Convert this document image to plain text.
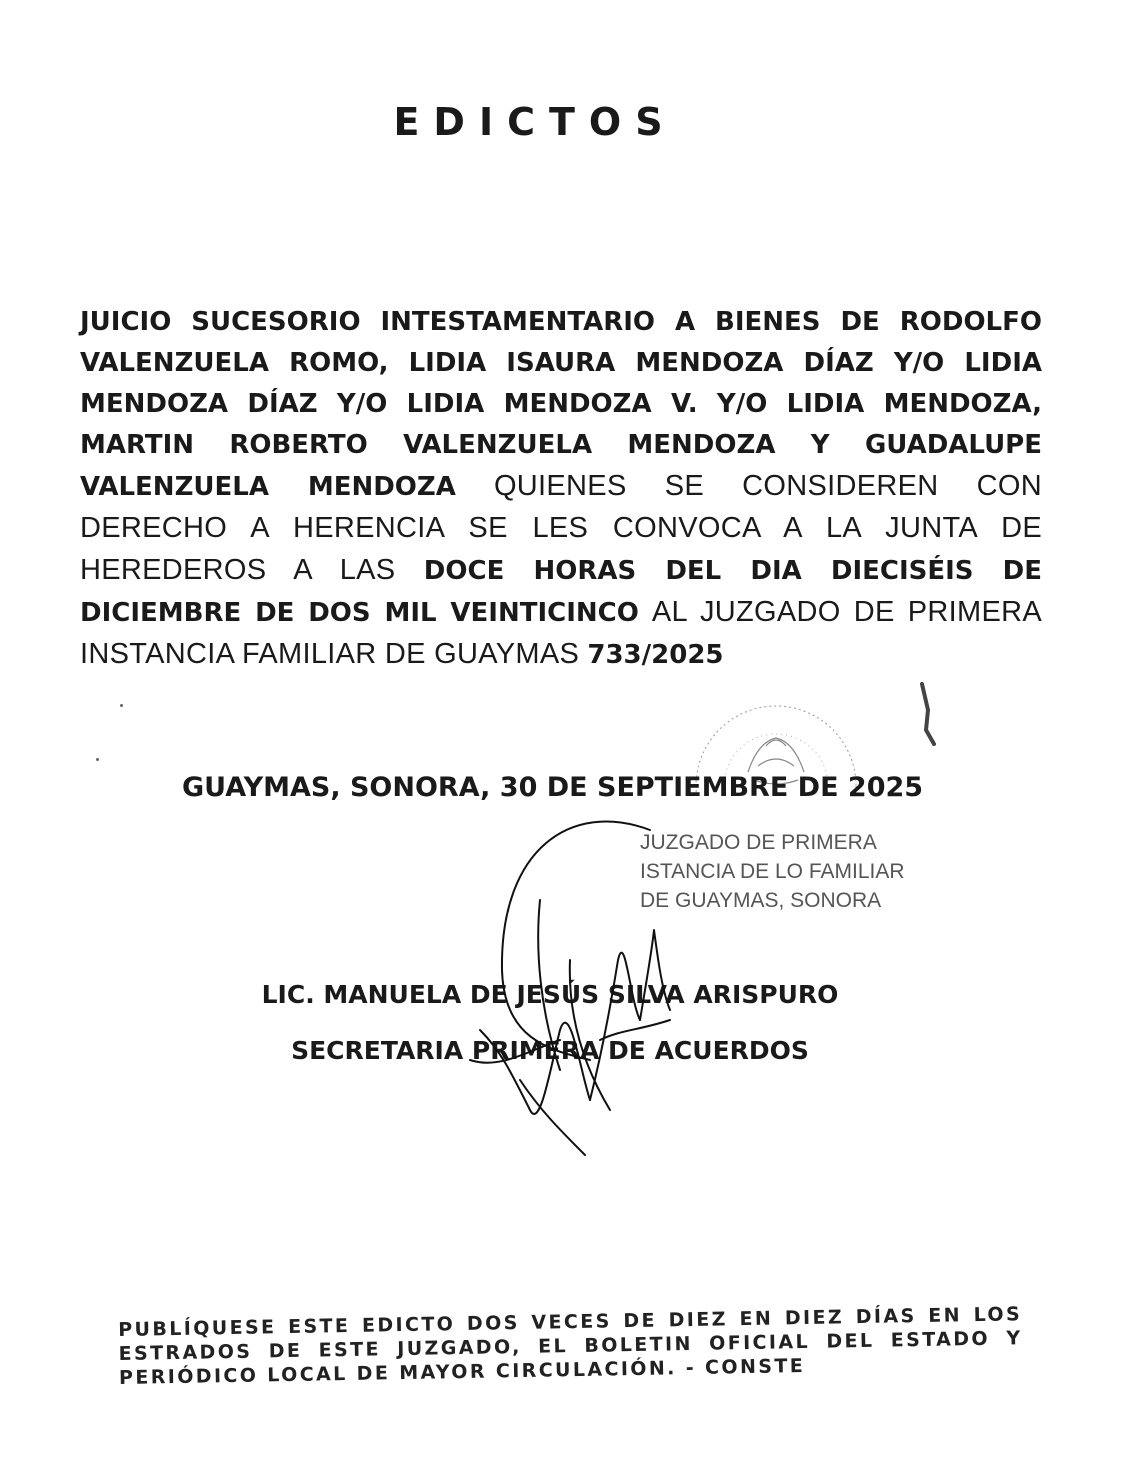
EDICTOS
JUICIO SUCESORIO INTESTAMENTARIO A BIENES DE RODOLFO VALENZUELA ROMO, LIDIA ISAURA MENDOZA DÍAZ Y/O LIDIA MENDOZA DÍAZ Y/O LIDIA MENDOZA V. Y/O LIDIA MENDOZA, MARTIN ROBERTO VALENZUELA MENDOZA Y GUADALUPE VALENZUELA MENDOZA QUIENES SE CONSIDEREN CON DERECHO A HERENCIA SE LES CONVOCA A LA JUNTA DE HEREDEROS A LAS DOCE HORAS DEL DIA DIECISÉIS DE DICIEMBRE DE DOS MIL VEINTICINCO AL JUZGADO DE PRIMERA INSTANCIA FAMILIAR DE GUAYMAS 733/2025
GUAYMAS, SONORA, 30 DE SEPTIEMBRE DE 2025
JUZGADO DE PRIMERA
ISTANCIA DE LO FAMILIAR
DE GUAYMAS, SONORA
LIC. MANUELA DE JESÚS SILVA ARISPURO
SECRETARIA PRIMERA DE ACUERDOS
PUBLÍQUESE ESTE EDICTO DOS VECES DE DIEZ EN DIEZ DÍAS EN LOS ESTRADOS DE ESTE JUZGADO, EL BOLETIN OFICIAL DEL ESTADO Y PERIÓDICO LOCAL DE MAYOR CIRCULACIÓN. - CONSTE
